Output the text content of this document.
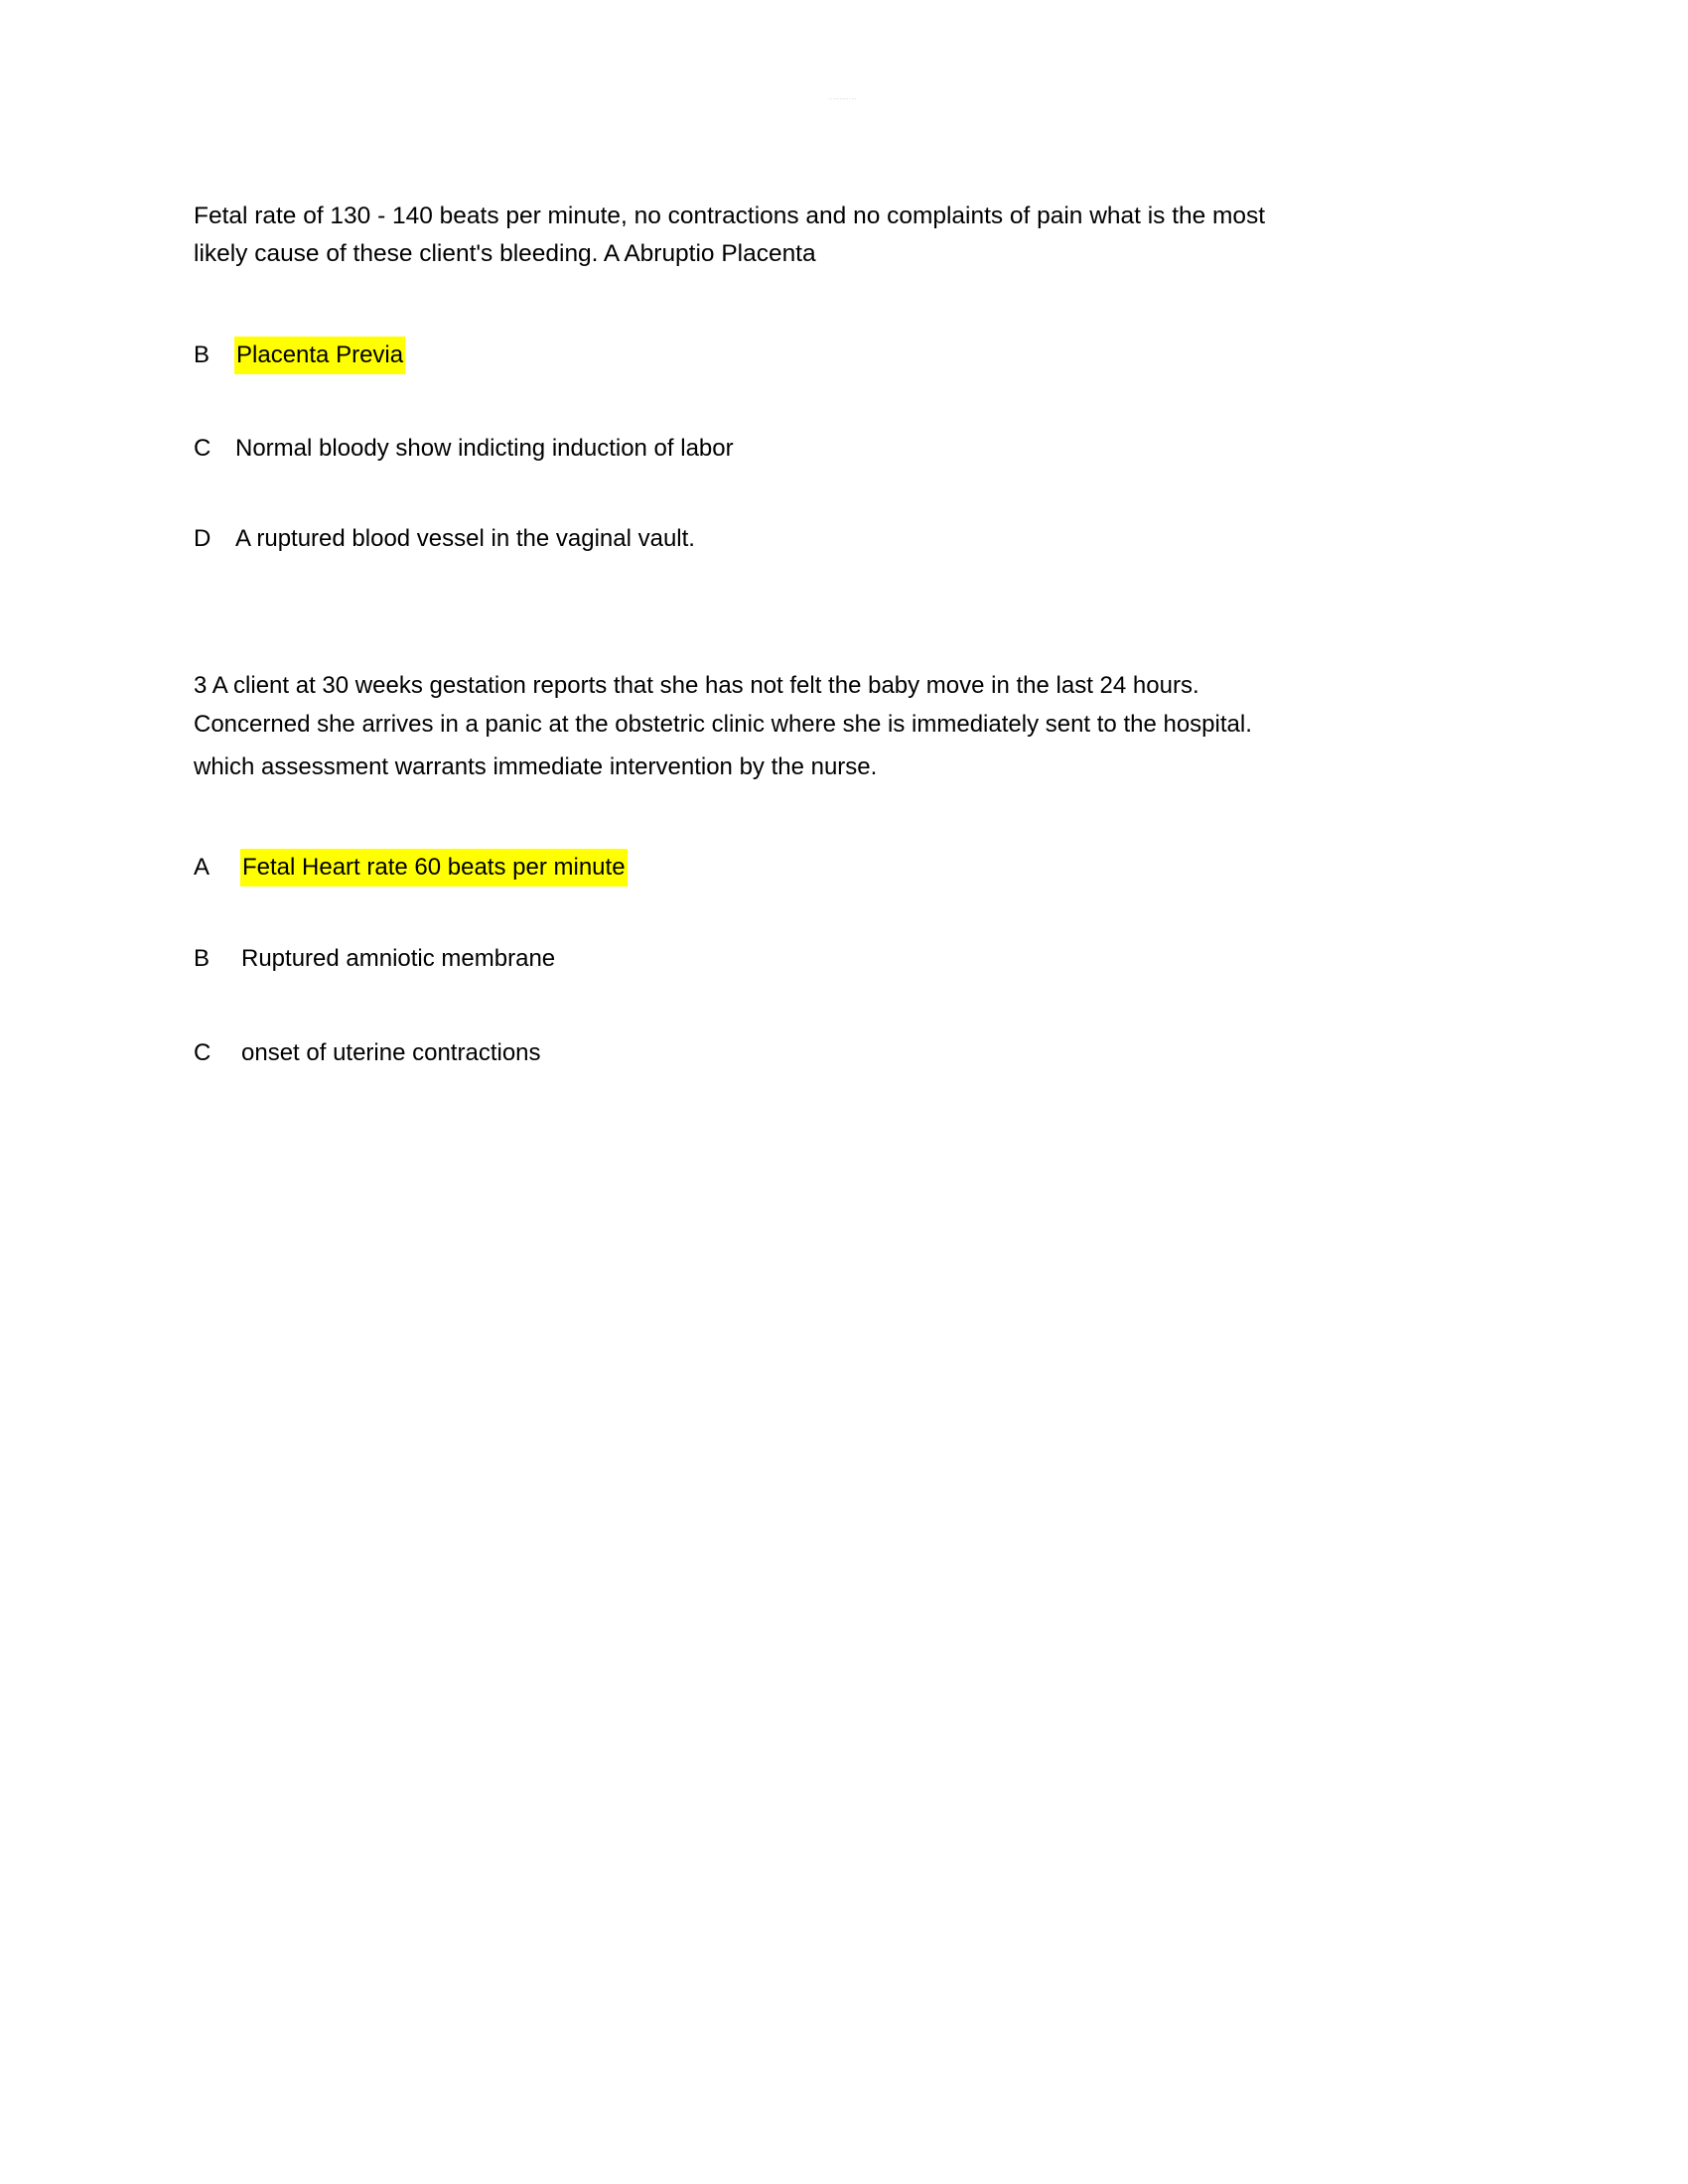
·· ··········· ···
Fetal rate of 130 - 140 beats per minute, no contractions and no complaints of pain what is the most
likely cause of these client's bleeding. A Abruptio Placenta
B Placenta Previa
C Normal bloody show indicting induction of labor
D A ruptured blood vessel in the vaginal vault.
3 A client at 30 weeks gestation reports that she has not felt the baby move in the last 24 hours.
Concerned she arrives in a panic at the obstetric clinic where she is immediately sent to the hospital.
which assessment warrants immediate intervention by the nurse.
A Fetal Heart rate 60 beats per minute
B Ruptured amniotic membrane
C onset of uterine contractions
